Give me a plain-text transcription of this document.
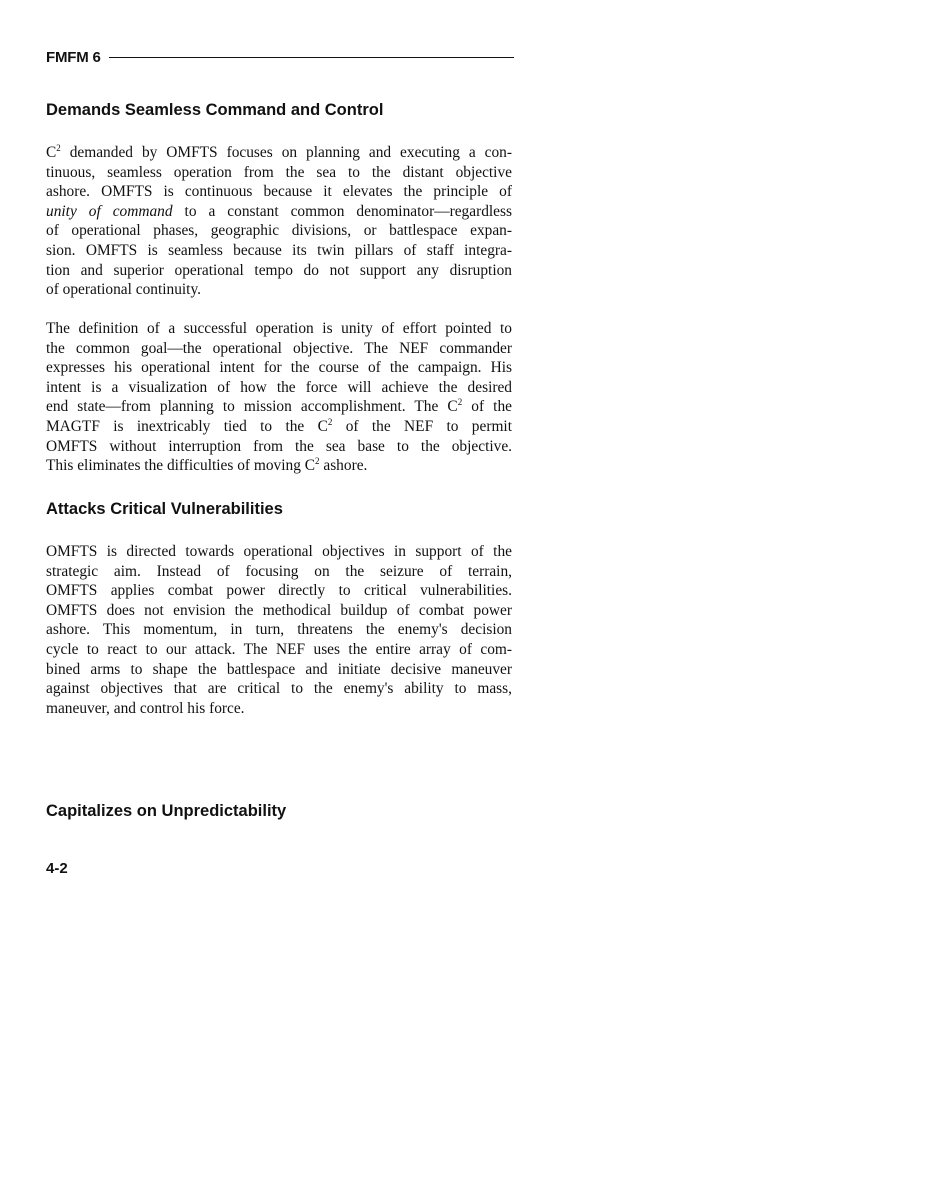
FMFM 6
Demands Seamless Command and Control
$C^2$ demanded by OMFTS focuses on planning and executing a con-
tinuous, seamless operation from the sea to the distant objective
ashore. OMFTS is continuous because it elevates the principle of
unity of command to a constant common denominator—regardless
of operational phases, geographic divisions, or battlespace expan-
sion. OMFTS is seamless because its twin pillars of staff integra-
tion and superior operational tempo do not support any disruption
of operational continuity.
The definition of a successful operation is unity of effort pointed to
the common goal—the operational objective. The NEF commander
expresses his operational intent for the course of the campaign. His
intent is a visualization of how the force will achieve the desired
end state—from planning to mission accomplishment. The $C^2$ of the
MAGTF is inextricably tied to the $C^2$ of the NEF to permit
OMFTS without interruption from the sea base to the objective.
This eliminates the difficulties of moving $C^2$ ashore.
Attacks Critical Vulnerabilities
OMFTS is directed towards operational objectives in support of the
strategic aim. Instead of focusing on the seizure of terrain,
OMFTS applies combat power directly to critical vulnerabilities.
OMFTS does not envision the methodical buildup of combat power
ashore. This momentum, in turn, threatens the enemy's decision
cycle to react to our attack. The NEF uses the entire array of com-
bined arms to shape the battlespace and initiate decisive maneuver
against objectives that are critical to the enemy's ability to mass,
maneuver, and control his force.
Capitalizes on Unpredictability
4-2
